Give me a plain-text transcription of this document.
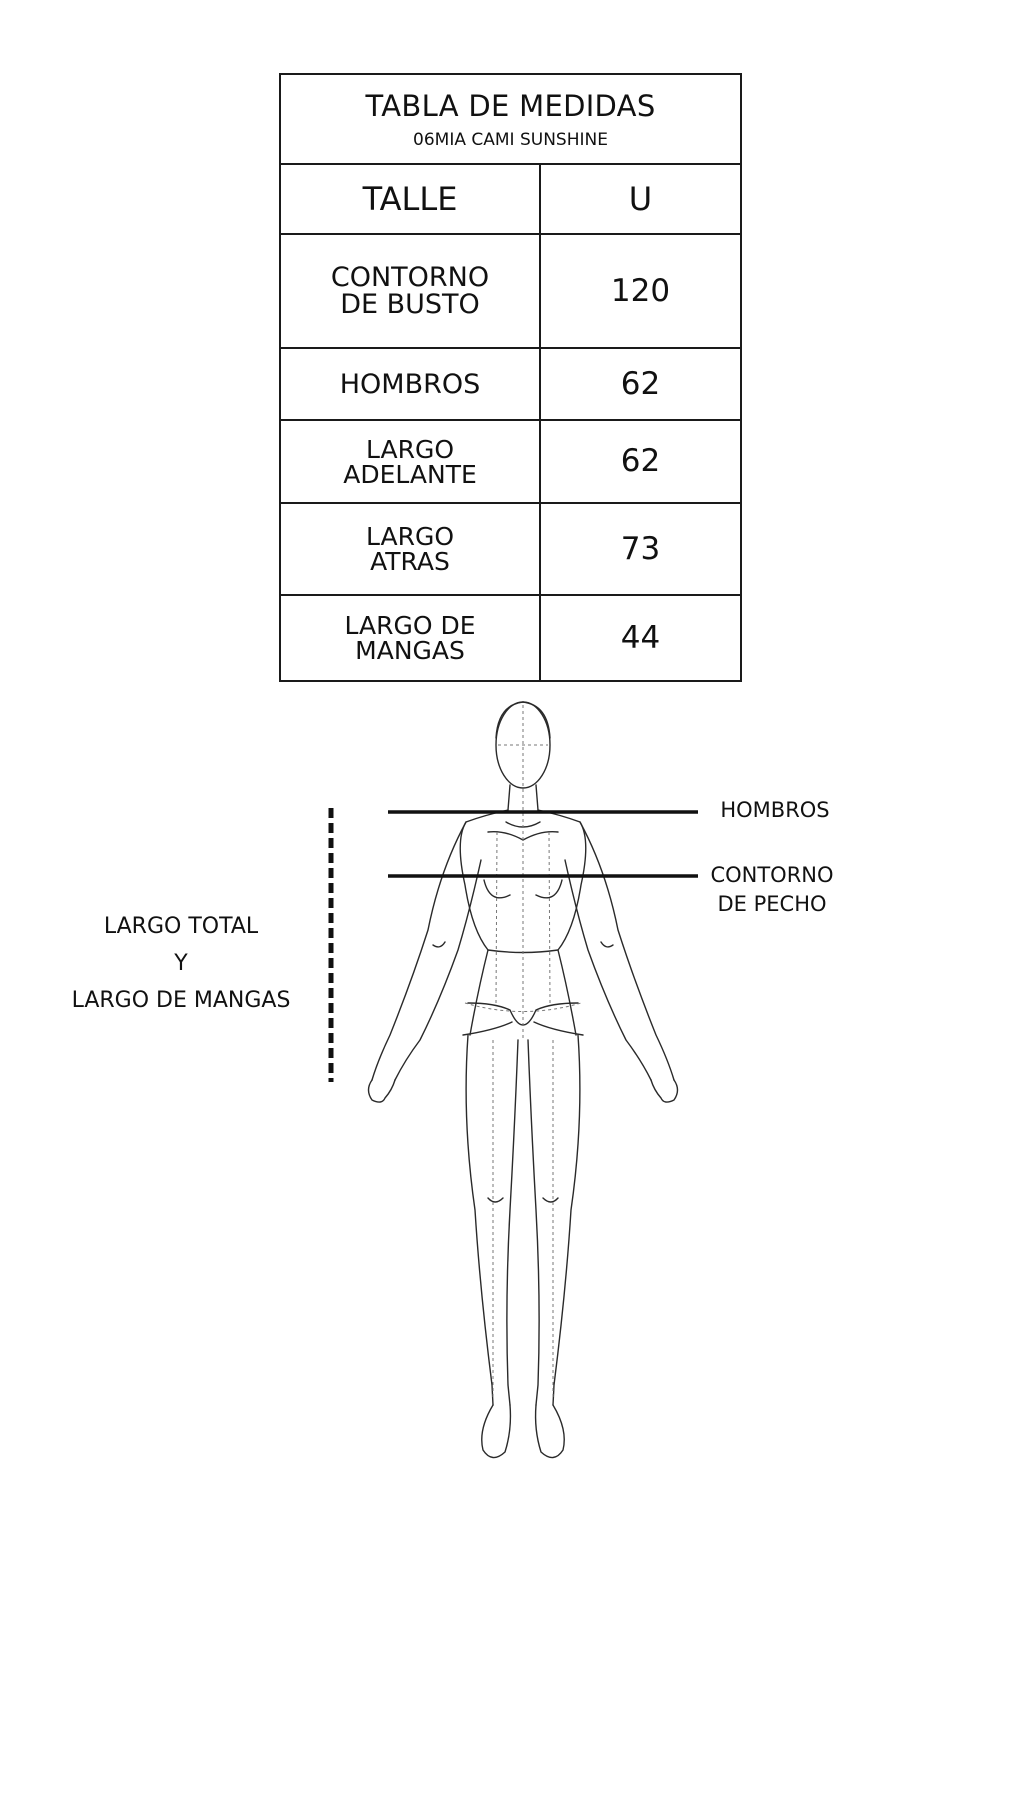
TABLA DE MEDIDAS
06MIA CAMI SUNSHINE	

TALLE	U
CONTORNO
DE BUSTO	120
HOMBROS	62
LARGO
ADELANTE	62
LARGO
ATRAS	73
LARGO DE
MANGAS	44
HOMBROS
CONTORNO
DE PECHO
LARGO TOTAL
Y
LARGO DE MANGAS
